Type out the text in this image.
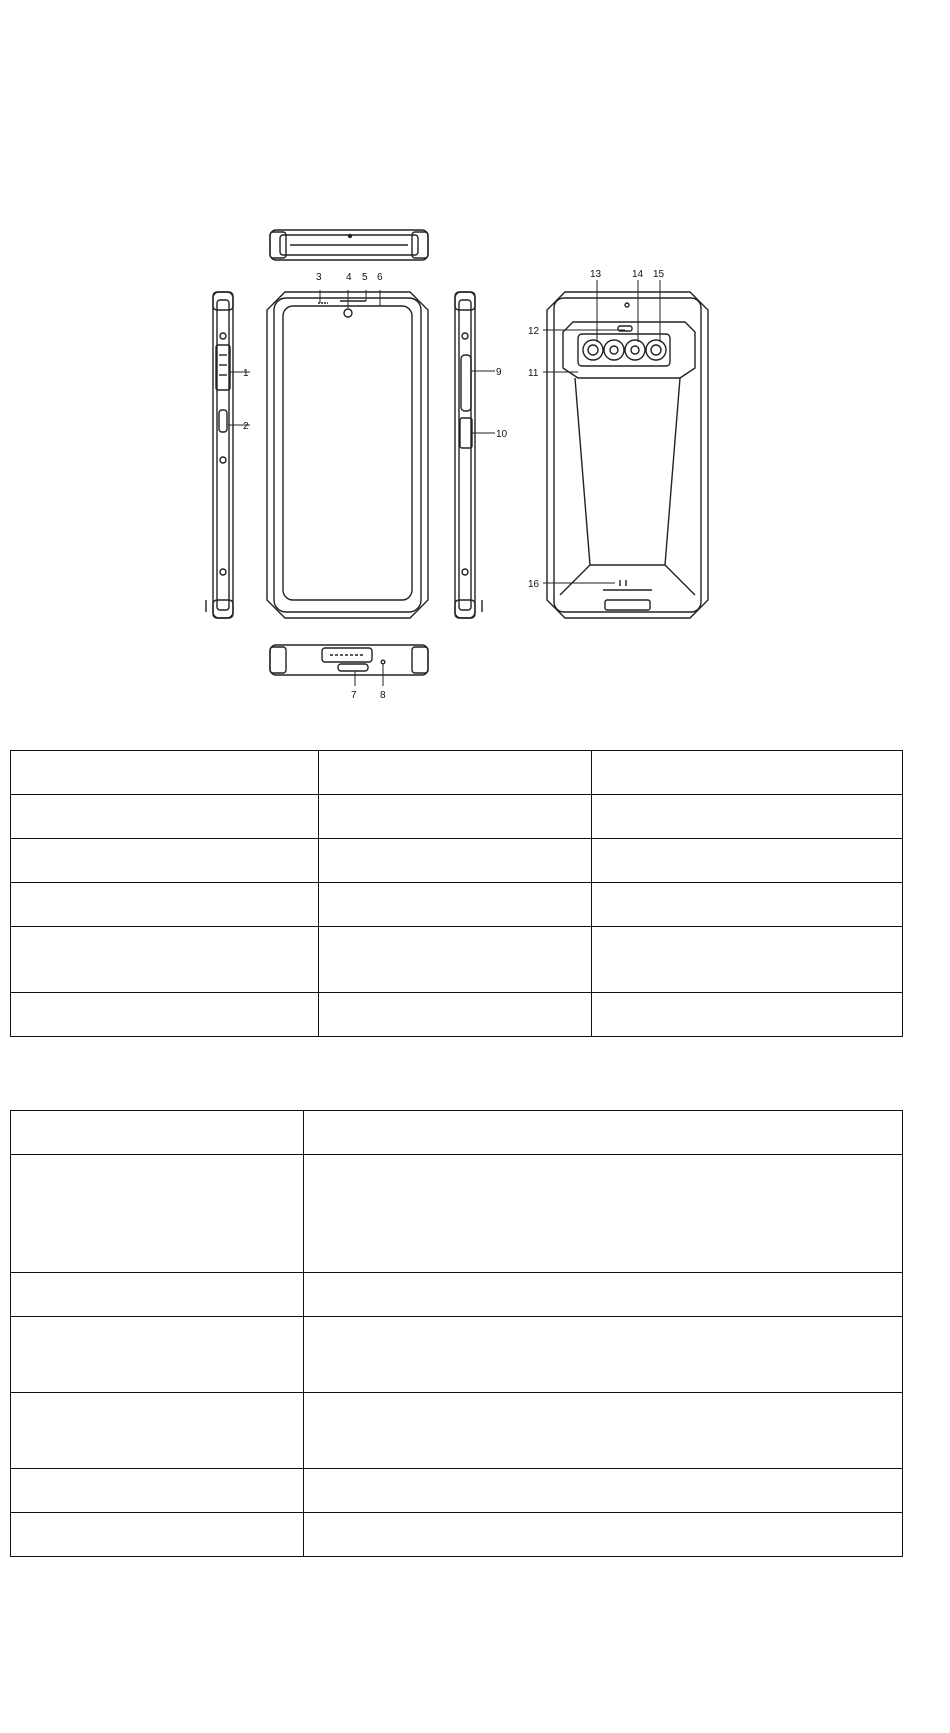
1
2
3 4 5 6
7 8
9
10
11
12
13	14 15
16
